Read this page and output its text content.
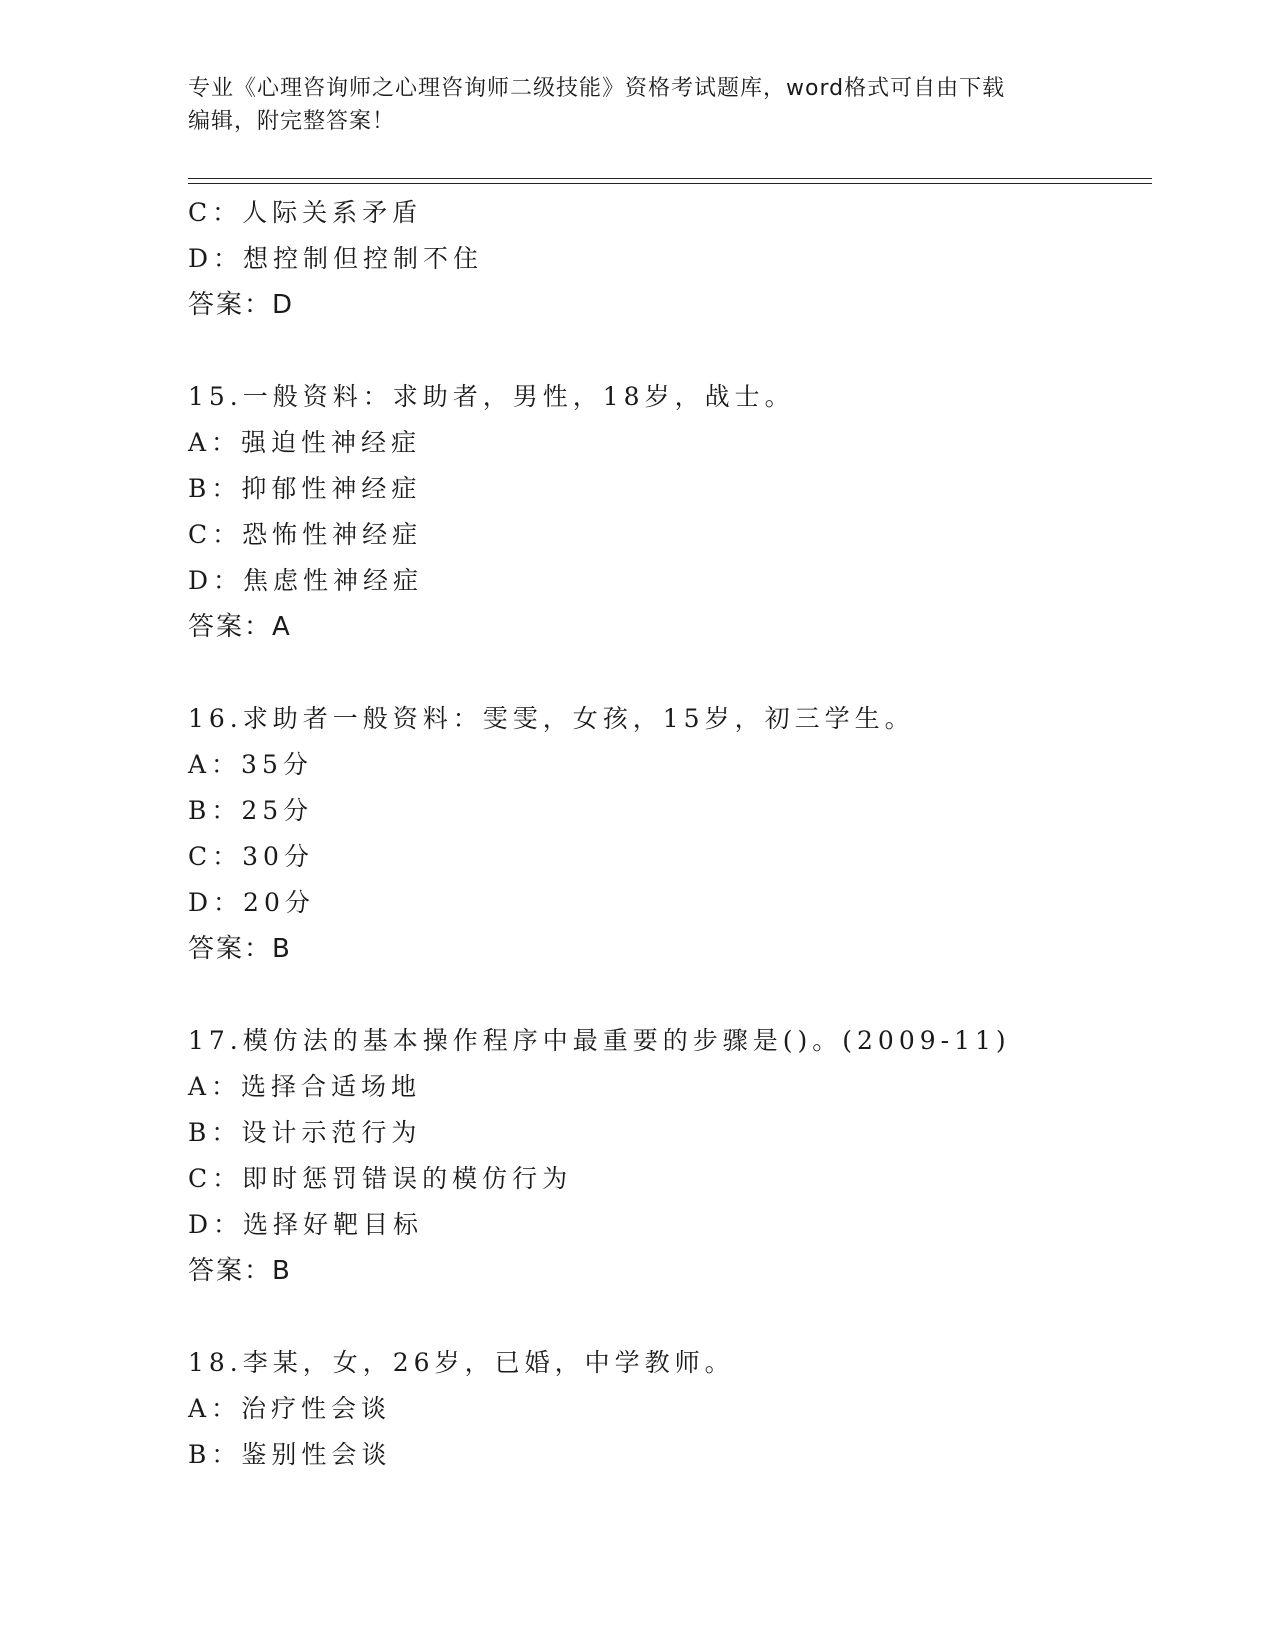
专业《心理咨询师之心理咨询师二级技能》资格考试题库，word格式可自由下载
编辑，附完整答案！
C：人际关系矛盾
D：想控制但控制不住
答案：D
15.一般资料：求助者，男性，18岁，战士。
A：强迫性神经症
B：抑郁性神经症
C：恐怖性神经症
D：焦虑性神经症
答案：A
16.求助者一般资料：雯雯，女孩，15岁，初三学生。
A：35分
B：25分
C：30分
D：20分
答案：B
17.模仿法的基本操作程序中最重要的步骤是()。(2009-11)
A：选择合适场地
B：设计示范行为
C：即时惩罚错误的模仿行为
D：选择好靶目标
答案：B
18.李某，女，26岁，已婚，中学教师。
A：治疗性会谈
B：鉴别性会谈
